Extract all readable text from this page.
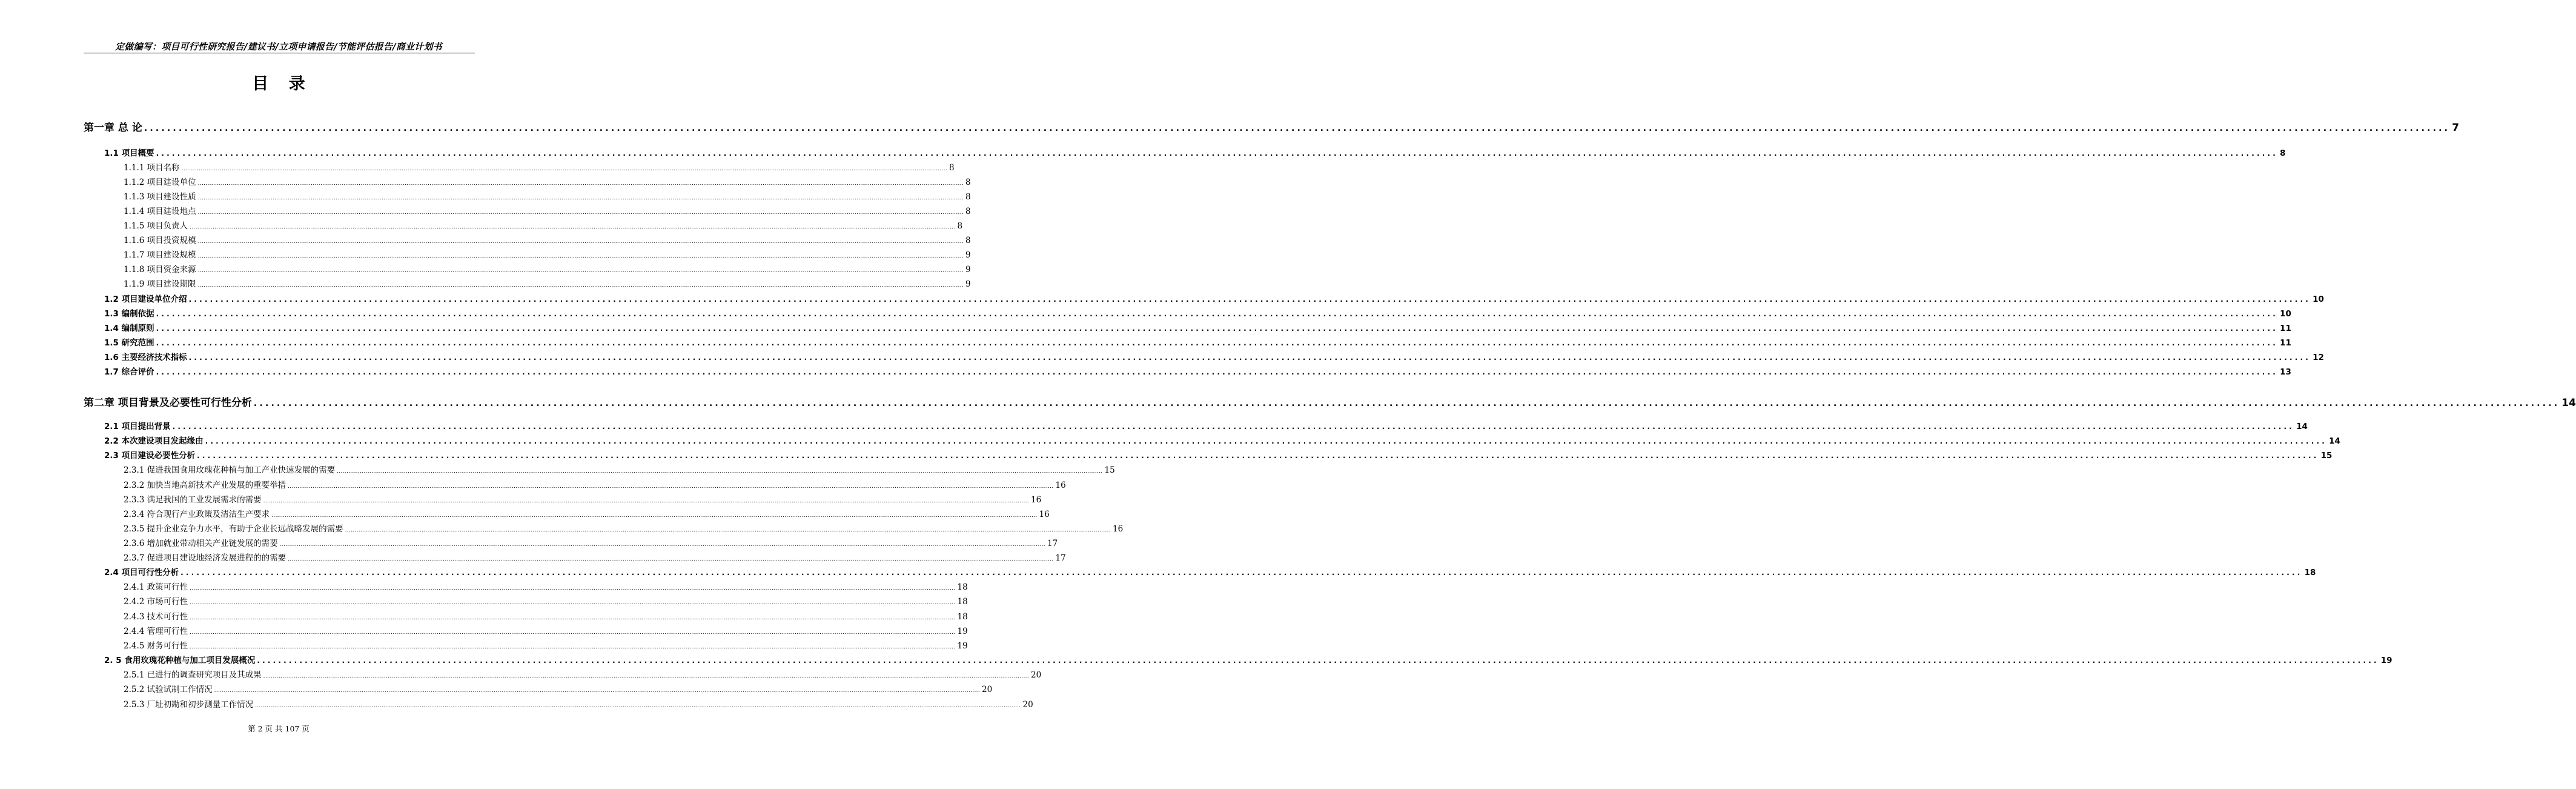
定做编写：项目可行性研究报告/建议书/立项申请报告/节能评估报告/商业计划书
目 录
第一章 总 论 ................................................................................................................................................................................................................................................................................................................................................................................................................ 7
1.1 项目概要 ................................................................................................................................................................................................................................................................................................................................................................................................................ 8
1.1.1 项目名称 ................................................................................................................................................................................................................................................................................................................................................................................................................ 8
1.1.2 项目建设单位 ................................................................................................................................................................................................................................................................................................................................................................................................................ 8
1.1.3 项目建设性质 ................................................................................................................................................................................................................................................................................................................................................................................................................ 8
1.1.4 项目建设地点 ................................................................................................................................................................................................................................................................................................................................................................................................................ 8
1.1.5 项目负责人 ................................................................................................................................................................................................................................................................................................................................................................................................................ 8
1.1.6 项目投资规模 ................................................................................................................................................................................................................................................................................................................................................................................................................ 8
1.1.7 项目建设规模 ................................................................................................................................................................................................................................................................................................................................................................................................................ 9
1.1.8 项目资金来源 ................................................................................................................................................................................................................................................................................................................................................................................................................ 9
1.1.9 项目建设期限 ................................................................................................................................................................................................................................................................................................................................................................................................................ 9
1.2 项目建设单位介绍 ................................................................................................................................................................................................................................................................................................................................................................................................................ 10
1.3 编制依据 ................................................................................................................................................................................................................................................................................................................................................................................................................ 10
1.4 编制原则 ................................................................................................................................................................................................................................................................................................................................................................................................................ 11
1.5 研究范围 ................................................................................................................................................................................................................................................................................................................................................................................................................ 11
1.6 主要经济技术指标 ................................................................................................................................................................................................................................................................................................................................................................................................................ 12
1.7 综合评价 ................................................................................................................................................................................................................................................................................................................................................................................................................ 13
第二章 项目背景及必要性可行性分析 ................................................................................................................................................................................................................................................................................................................................................................................................................ 14
2.1 项目提出背景 ................................................................................................................................................................................................................................................................................................................................................................................................................ 14
2.2 本次建设项目发起缘由 ................................................................................................................................................................................................................................................................................................................................................................................................................ 14
2.3 项目建设必要性分析 ................................................................................................................................................................................................................................................................................................................................................................................................................ 15
2.3.1 促进我国食用玫瑰花种植与加工产业快速发展的需要 ................................................................................................................................................................................................................................................................................................................................................................................................................ 15
2.3.2 加快当地高新技术产业发展的重要举措 ................................................................................................................................................................................................................................................................................................................................................................................................................ 16
2.3.3 满足我国的工业发展需求的需要 ................................................................................................................................................................................................................................................................................................................................................................................................................ 16
2.3.4 符合现行产业政策及清洁生产要求 ................................................................................................................................................................................................................................................................................................................................................................................................................ 16
2.3.5 提升企业竞争力水平，有助于企业长远战略发展的需要 ................................................................................................................................................................................................................................................................................................................................................................................................................ 16
2.3.6 增加就业带动相关产业链发展的需要 ................................................................................................................................................................................................................................................................................................................................................................................................................ 17
2.3.7 促进项目建设地经济发展进程的的需要 ................................................................................................................................................................................................................................................................................................................................................................................................................ 17
2.4 项目可行性分析 ................................................................................................................................................................................................................................................................................................................................................................................................................ 18
2.4.1 政策可行性 ................................................................................................................................................................................................................................................................................................................................................................................................................ 18
2.4.2 市场可行性 ................................................................................................................................................................................................................................................................................................................................................................................................................ 18
2.4.3 技术可行性 ................................................................................................................................................................................................................................................................................................................................................................................................................ 18
2.4.4 管理可行性 ................................................................................................................................................................................................................................................................................................................................................................................................................ 19
2.4.5 财务可行性 ................................................................................................................................................................................................................................................................................................................................................................................................................ 19
2. 5 食用玫瑰花种植与加工项目发展概况 ................................................................................................................................................................................................................................................................................................................................................................................................................ 19
2.5.1 已进行的调查研究项目及其成果 ................................................................................................................................................................................................................................................................................................................................................................................................................ 20
2.5.2 试验试制工作情况 ................................................................................................................................................................................................................................................................................................................................................................................................................ 20
2.5.3 厂址初勘和初步测量工作情况 ................................................................................................................................................................................................................................................................................................................................................................................................................ 20
第 2 页 共 107 页
